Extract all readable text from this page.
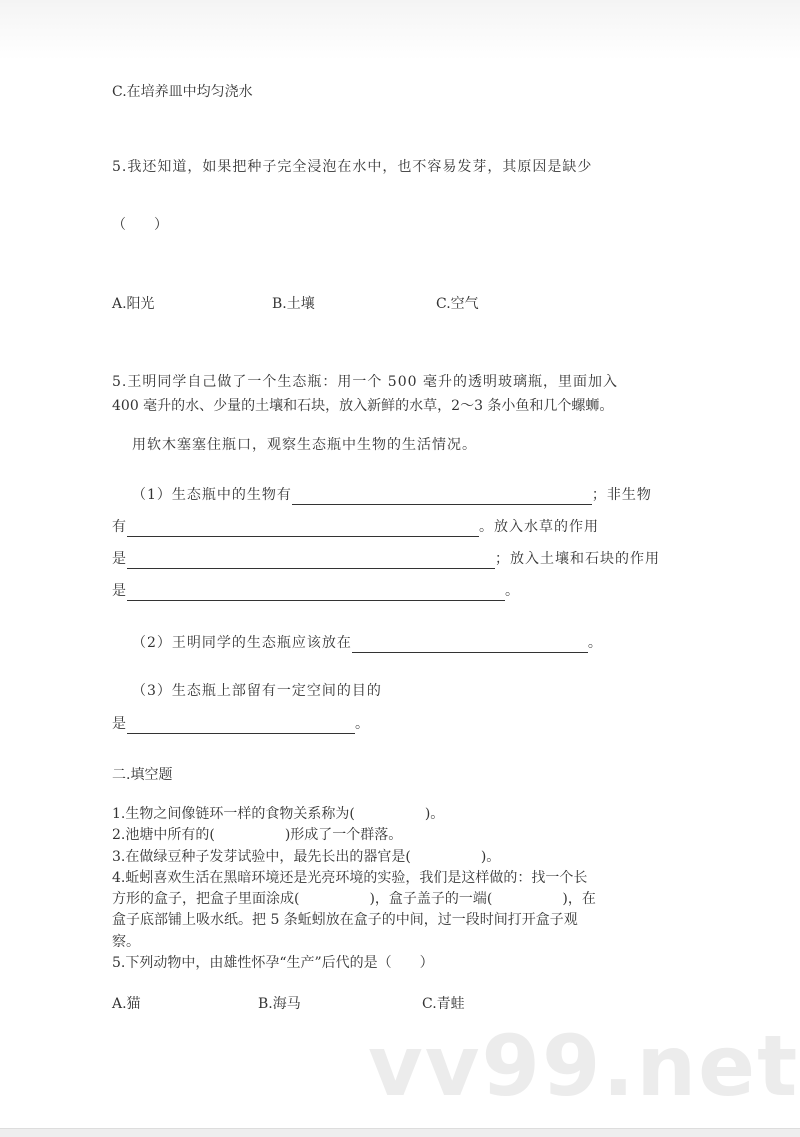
C.在培养皿中均匀浇水
5.我还知道，如果把种子完全浸泡在水中，也不容易发芽，其原因是缺少
（　　）
A.阳光	B.土壤	C.空气
5.王明同学自己做了一个生态瓶：用一个 500 毫升的透明玻璃瓶，里面加入
400 毫升的水、少量的土壤和石块，放入新鲜的水草，2～3 条小鱼和几个螺蛳。
用软木塞塞住瓶口，观察生态瓶中生物的生活情况。
（1）生态瓶中的生物有	；非生物
有	。放入水草的作用
是	；放入土壤和石块的作用
是	。
（2）王明同学的生态瓶应该放在	。
（3）生态瓶上部留有一定空间的目的
是	。
二.填空题
1.生物之间像链环一样的食物关系称为(　　　　　)。
2.池塘中所有的(　　　　　)形成了一个群落。
3.在做绿豆种子发芽试验中，最先长出的器官是(　　　　　)。
4.蚯蚓喜欢生活在黑暗环境还是光亮环境的实验，我们是这样做的：找一个长
方形的盒子，把盒子里面涂成(　　　　　)，盒子盖子的一端(　　　　　)，在
盒子底部铺上吸水纸。把 5 条蚯蚓放在盒子的中间，过一段时间打开盒子观
察。
5.下列动物中，由雄性怀孕“生产”后代的是（　　）
A.猫	B.海马	C.青蛙
vv99.net
